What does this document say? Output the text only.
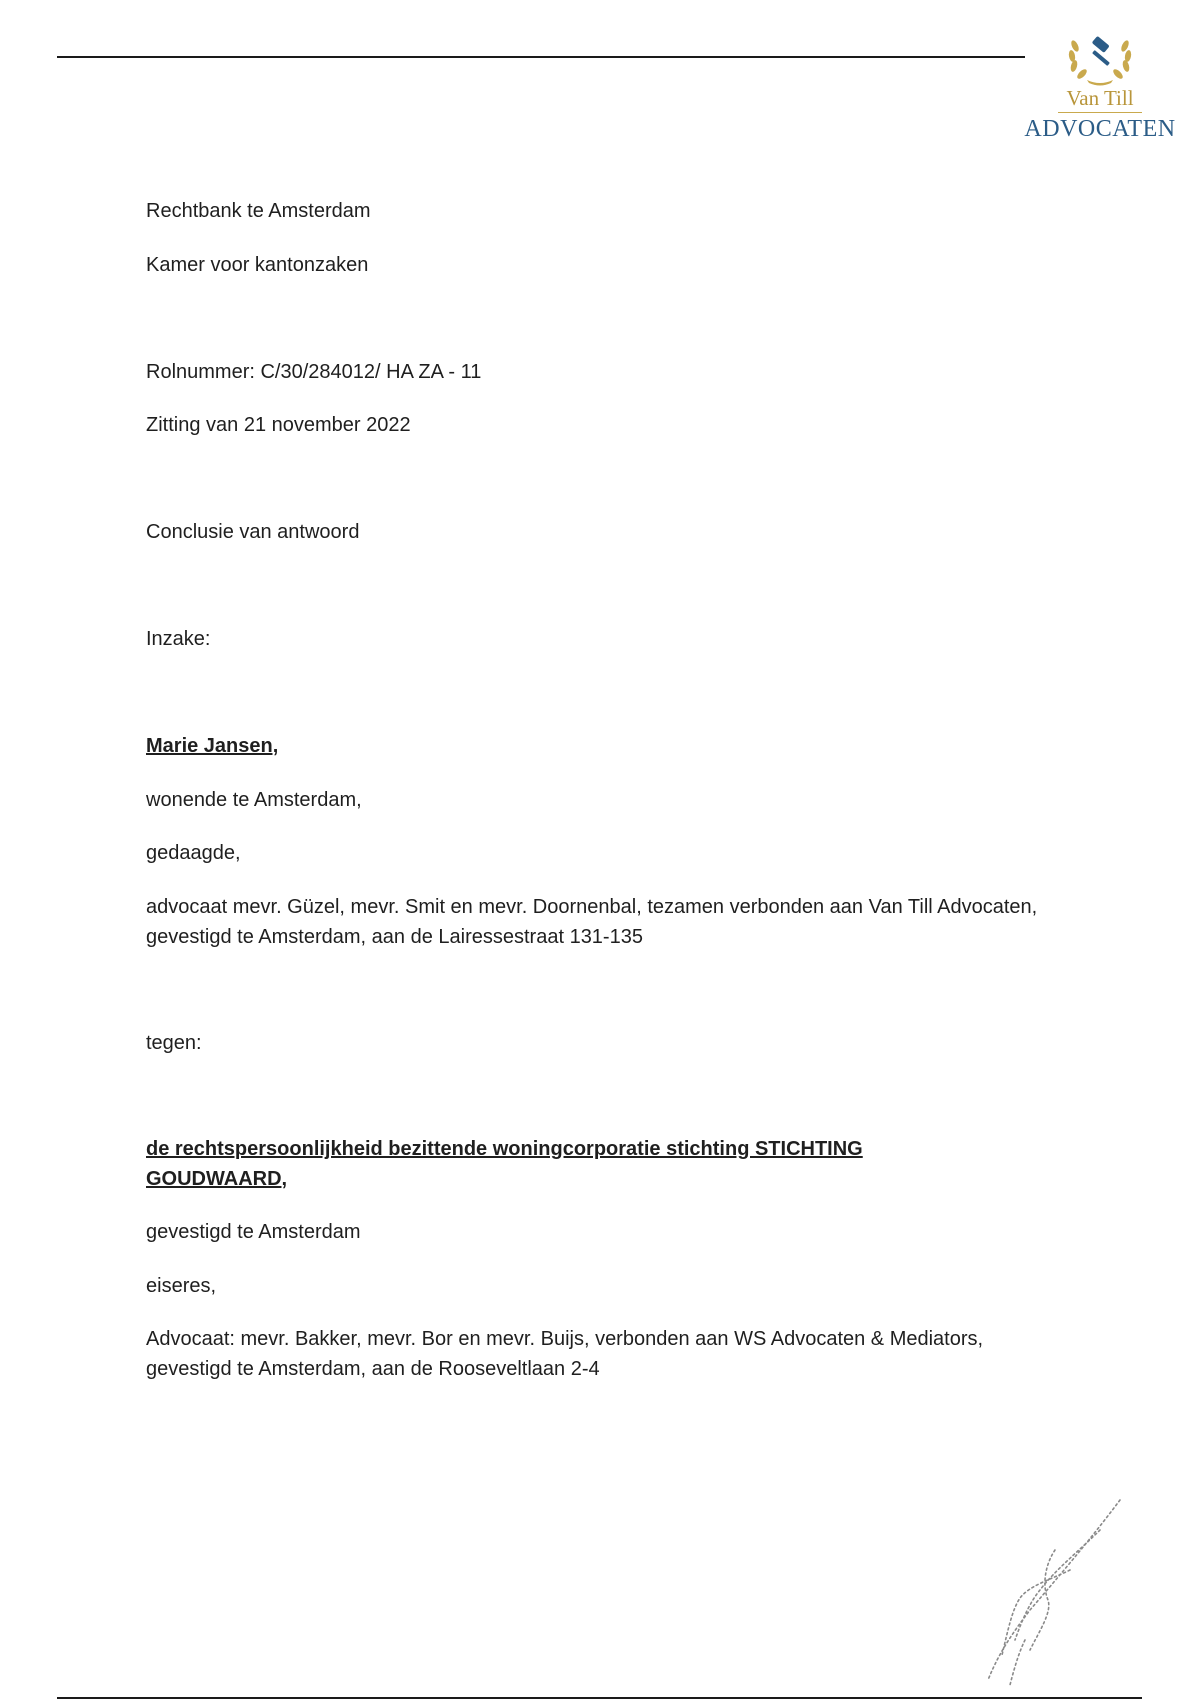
Van Till
ADVOCATEN

Rechtbank te Amsterdam

Kamer voor kantonzaken

Rolnummer: C/30/284012/ HA ZA - 11

Zitting van 21 november 2022

Conclusie van antwoord

Inzake:

Marie Jansen,

wonende te Amsterdam,

gedaagde,

advocaat mevr. Güzel, mevr. Smit en mevr. Doornenbal, tezamen verbonden aan Van Till Advocaten, gevestigd te Amsterdam, aan de Lairessestraat 131-135

tegen:

de rechtspersoonlijkheid bezittende woningcorporatie stichting STICHTING GOUDWAARD,

gevestigd te Amsterdam

eiseres,

Advocaat: mevr. Bakker, mevr. Bor en mevr. Buijs, verbonden aan WS Advocaten & Mediators, gevestigd te Amsterdam, aan de Rooseveltlaan 2-4
